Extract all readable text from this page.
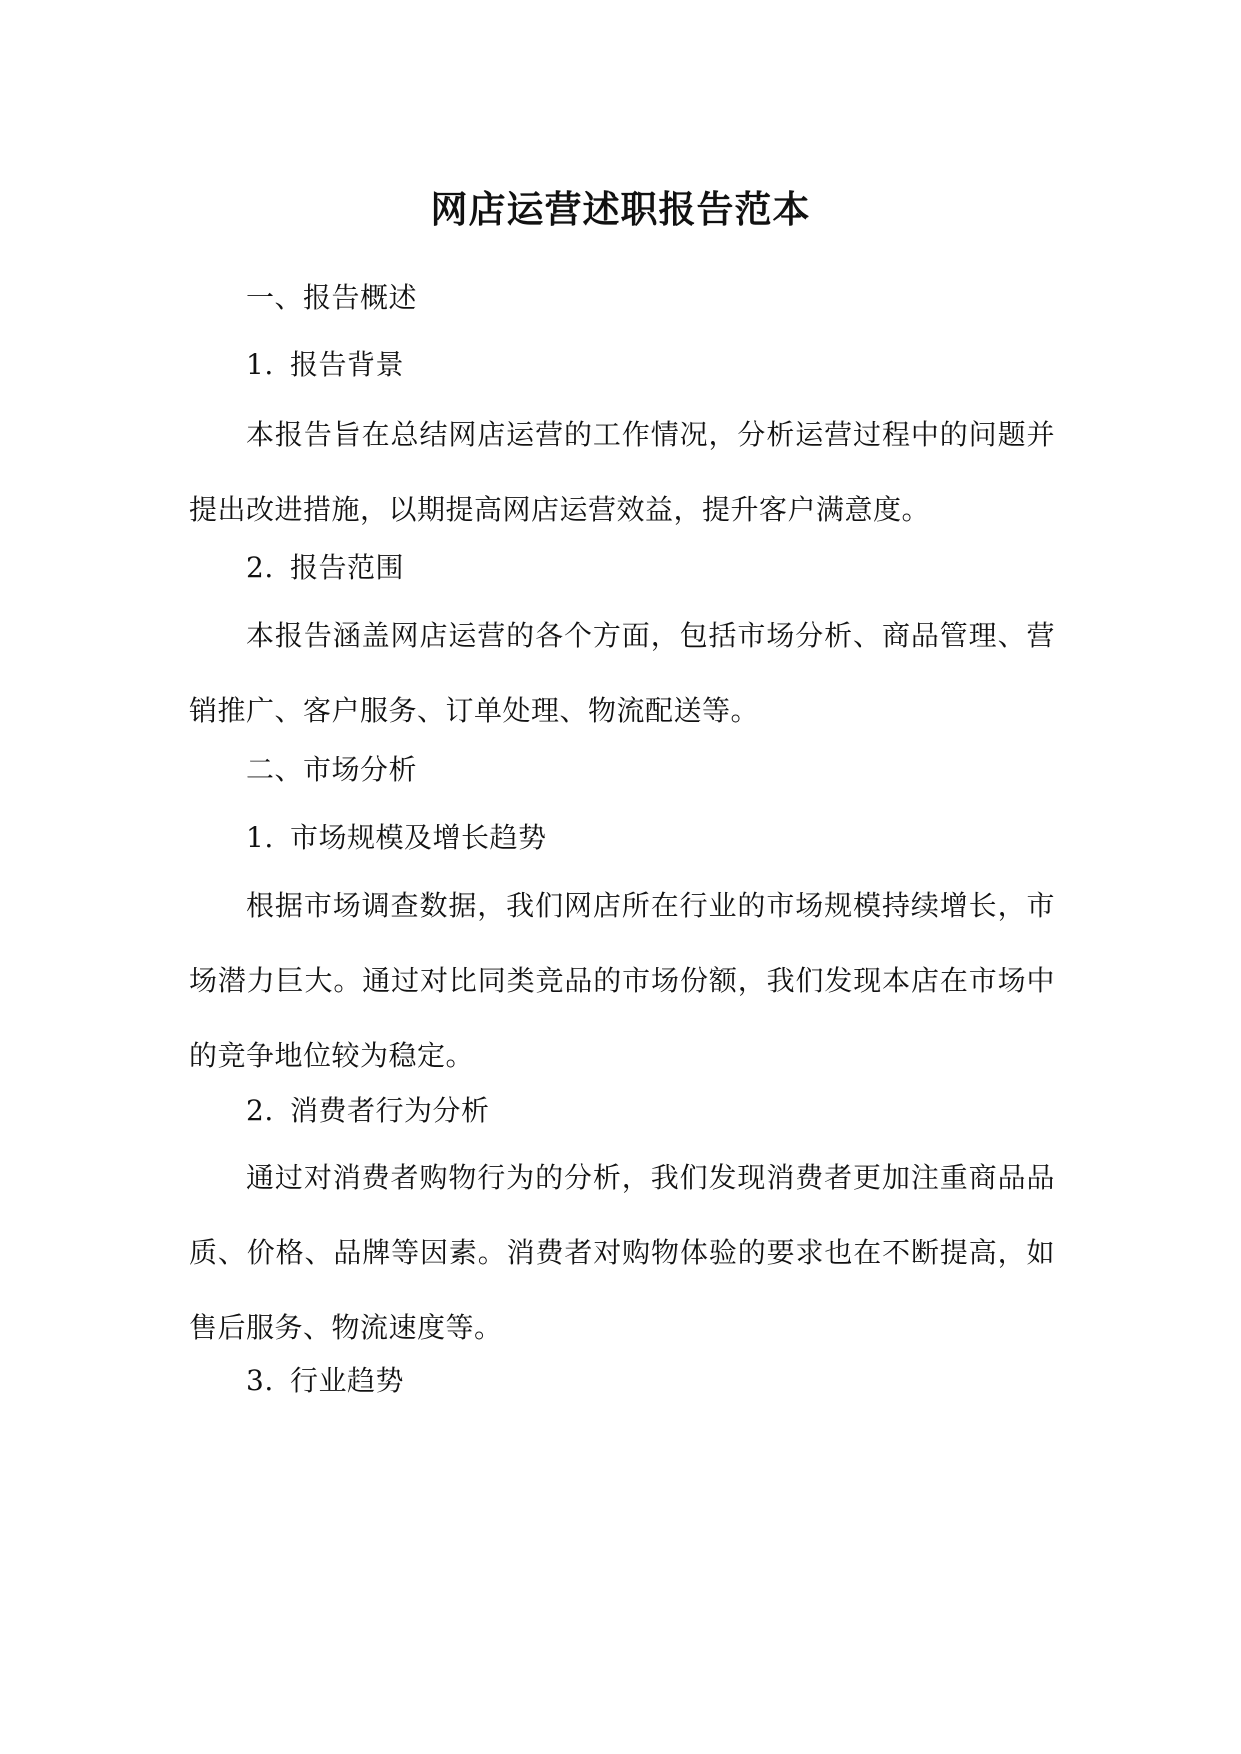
网店运营述职报告范本

一、报告概述

1. 报告背景

本报告旨在总结网店运营的工作情况，分析运营过程中的问题并提出改进措施，以期提高网店运营效益，提升客户满意度。

2. 报告范围

本报告涵盖网店运营的各个方面，包括市场分析、商品管理、营销推广、客户服务、订单处理、物流配送等。

二、市场分析

1. 市场规模及增长趋势

根据市场调查数据，我们网店所在行业的市场规模持续增长，市场潜力巨大。通过对比同类竞品的市场份额，我们发现本店在市场中的竞争地位较为稳定。

2. 消费者行为分析

通过对消费者购物行为的分析，我们发现消费者更加注重商品品质、价格、品牌等因素。消费者对购物体验的要求也在不断提高，如售后服务、物流速度等。

3. 行业趋势
